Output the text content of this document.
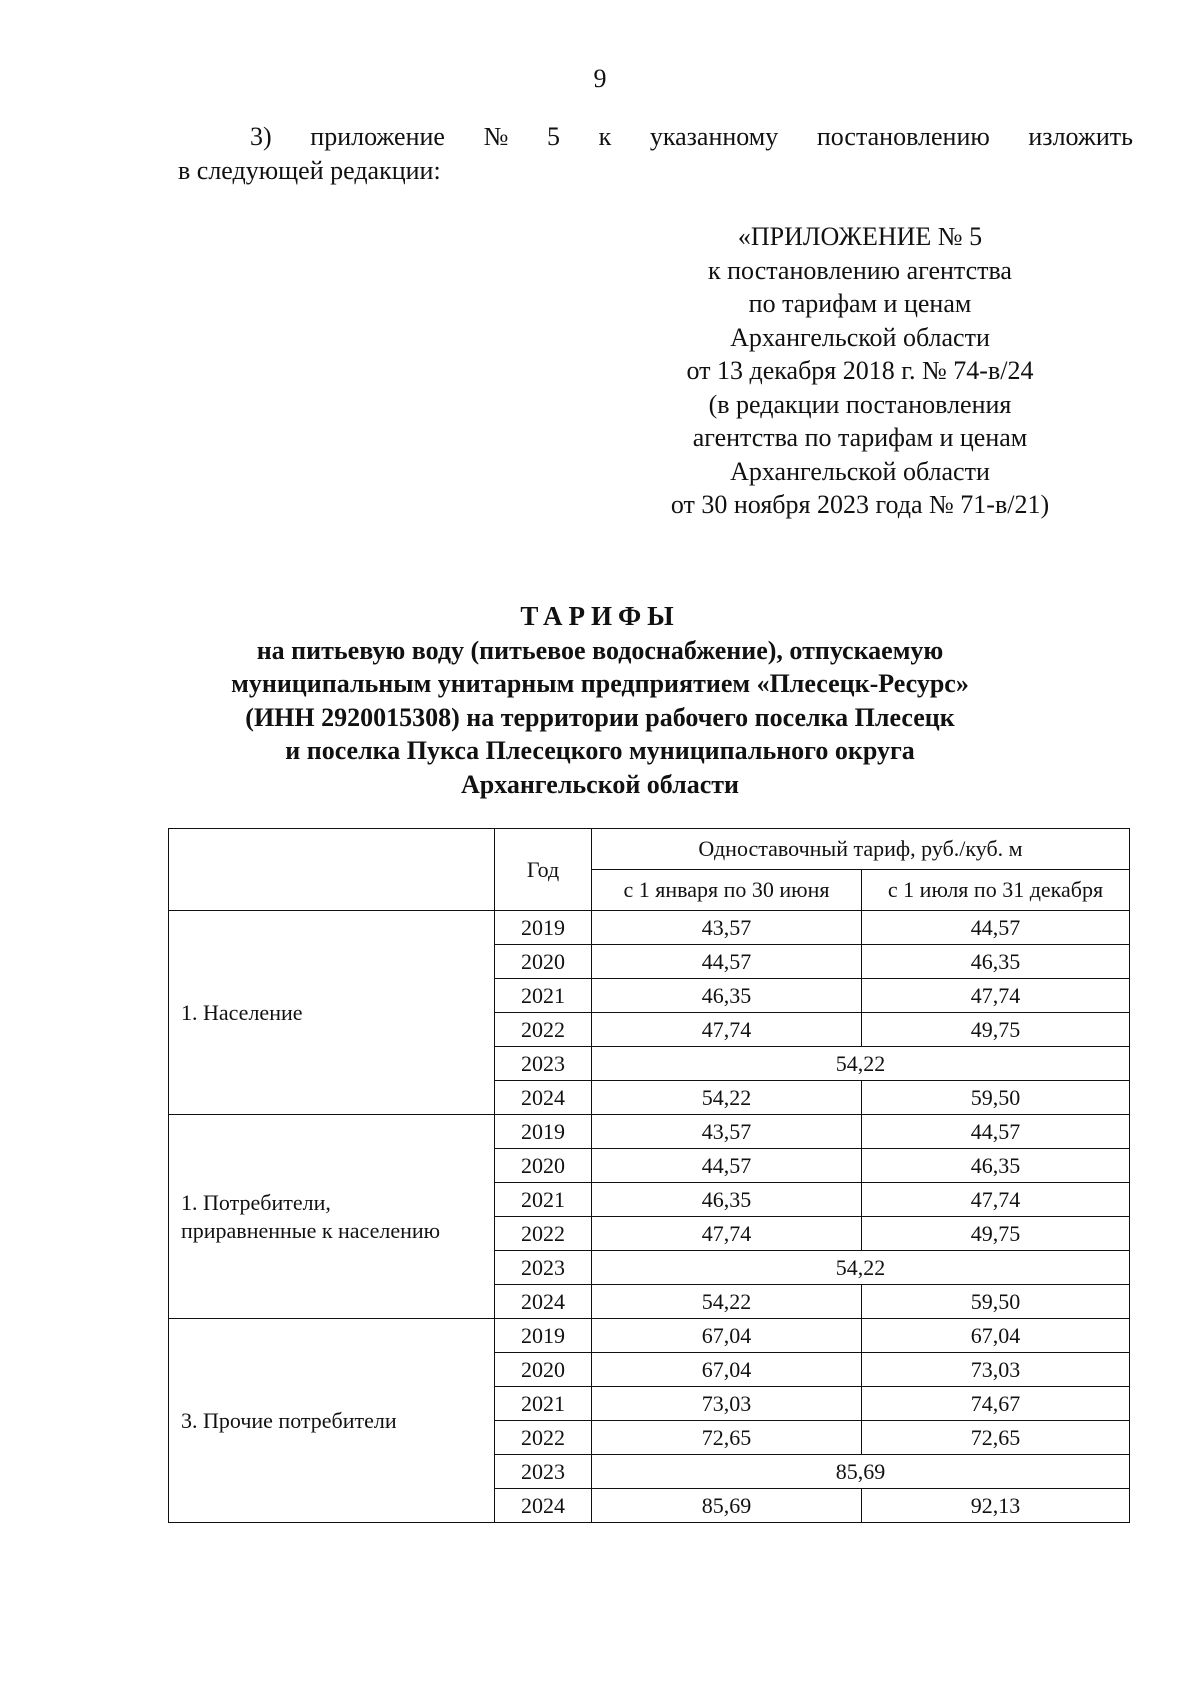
9
3) приложение № 5 к указанному постановлению изложить
в следующей редакции:
«ПРИЛОЖЕНИЕ № 5
к постановлению агентства
по тарифам и ценам
Архангельской области
от 13 декабря 2018 г. № 74-в/24
(в редакции постановления
агентства по тарифам и ценам
Архангельской области
от 30 ноября 2023 года № 71-в/21)
ТАРИФЫ
на питьевую воду (питьевое водоснабжение), отпускаемую
муниципальным унитарным предприятием «Плесецк-Ресурс»
(ИНН 2920015308) на территории рабочего поселка Плесецк
и поселка Пукса Плесецкого муниципального округа
Архангельской области
	Год	Одноставочный тариф, руб./куб. м	
		с 1 января по 30 июня	с 1 июля по 31 декабря

1. Население	2019	43,57	44,57
	2020	44,57	46,35
	2021	46,35	47,74
	2022	47,74	49,75
	2023	54,22	
	2024	54,22	59,50

1. Потребители,
приравненные к населению	2019	43,57	44,57
	2020	44,57	46,35
	2021	46,35	47,74
	2022	47,74	49,75
	2023	54,22	
	2024	54,22	59,50

3. Прочие потребители	2019	67,04	67,04
	2020	67,04	73,03
	2021	73,03	74,67
	2022	72,65	72,65
	2023	85,69	
	2024	85,69	92,13
